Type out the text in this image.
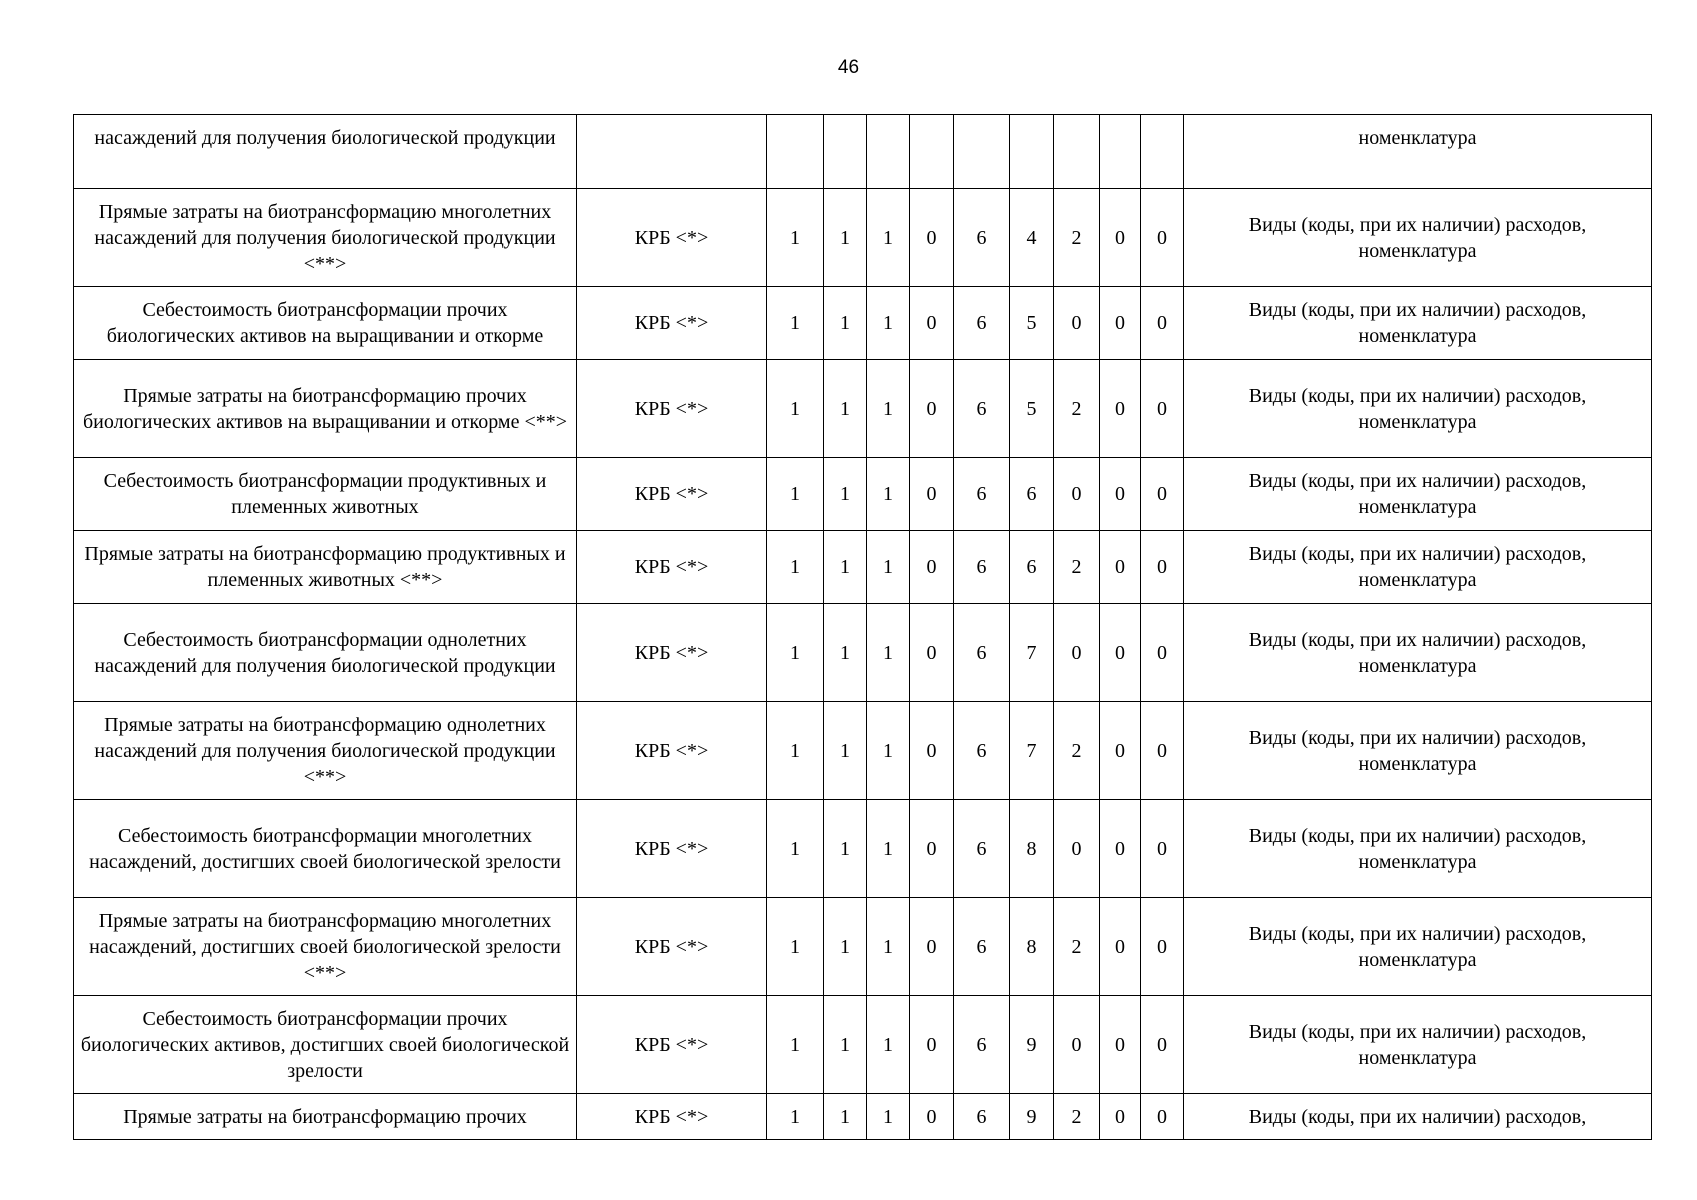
46
насаждений для получения биологической продукции											номенклатура
Прямые затраты на биотрансформацию многолетних насаждений для получения биологической продукции <**>	КРБ <*>	1	1	1	0	6	4	2	0	0	Виды (коды, при их наличии) расходов, номенклатура
Себестоимость биотрансформации прочих биологических активов на выращивании и откорме	КРБ <*>	1	1	1	0	6	5	0	0	0	Виды (коды, при их наличии) расходов, номенклатура
Прямые затраты на биотрансформацию прочих биологических активов на выращивании и откорме <**>	КРБ <*>	1	1	1	0	6	5	2	0	0	Виды (коды, при их наличии) расходов, номенклатура
Себестоимость биотрансформации продуктивных и племенных животных	КРБ <*>	1	1	1	0	6	6	0	0	0	Виды (коды, при их наличии) расходов, номенклатура
Прямые затраты на биотрансформацию продуктивных и племенных животных <**>	КРБ <*>	1	1	1	0	6	6	2	0	0	Виды (коды, при их наличии) расходов, номенклатура
Себестоимость биотрансформации однолетних насаждений для получения биологической продукции	КРБ <*>	1	1	1	0	6	7	0	0	0	Виды (коды, при их наличии) расходов, номенклатура
Прямые затраты на биотрансформацию однолетних насаждений для получения биологической продукции <**>	КРБ <*>	1	1	1	0	6	7	2	0	0	Виды (коды, при их наличии) расходов, номенклатура
Себестоимость биотрансформации многолетних насаждений, достигших своей биологической зрелости	КРБ <*>	1	1	1	0	6	8	0	0	0	Виды (коды, при их наличии) расходов, номенклатура
Прямые затраты на биотрансформацию многолетних насаждений, достигших своей биологической зрелости <**>	КРБ <*>	1	1	1	0	6	8	2	0	0	Виды (коды, при их наличии) расходов, номенклатура
Себестоимость биотрансформации прочих биологических активов, достигших своей биологической зрелости	КРБ <*>	1	1	1	0	6	9	0	0	0	Виды (коды, при их наличии) расходов, номенклатура
Прямые затраты на биотрансформацию прочих	КРБ <*>	1	1	1	0	6	9	2	0	0	Виды (коды, при их наличии) расходов,
